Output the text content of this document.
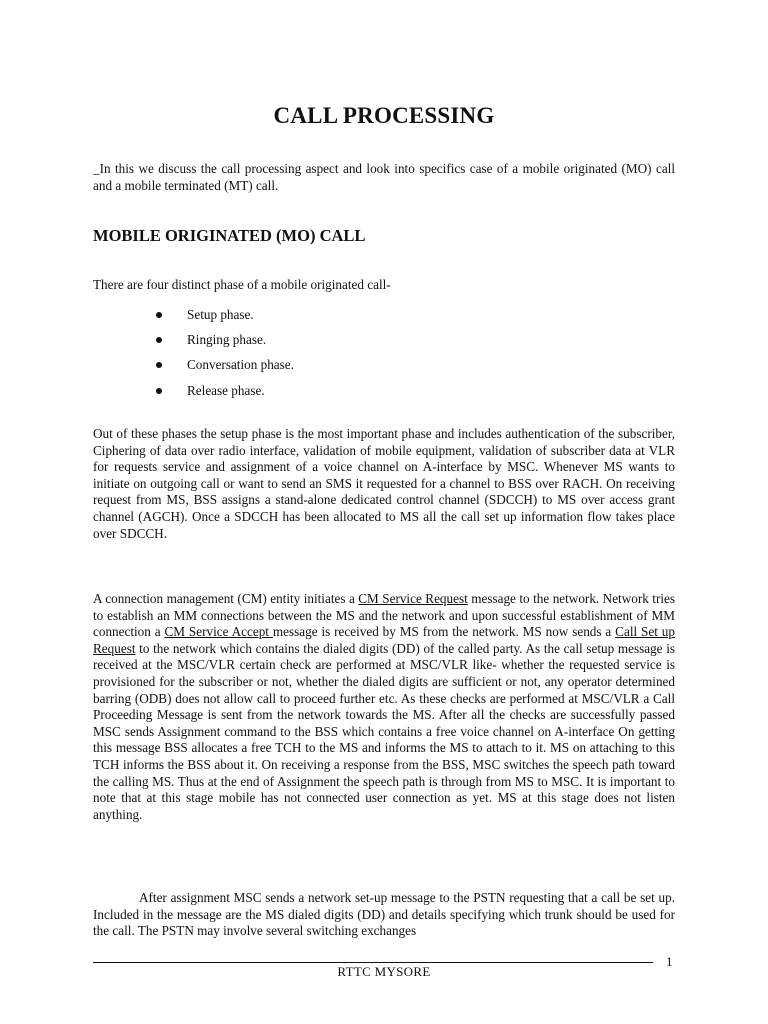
CALL PROCESSING
_In this we discuss the call processing aspect and look into specifics case of a mobile originated (MO) call and a mobile terminated (MT) call.
MOBILE ORIGINATED (MO) CALL
There are four distinct phase of a mobile originated call-
Setup phase.
Ringing phase.
Conversation phase.
Release phase.
Out of these phases the setup phase is the most important phase and includes authentication of the subscriber, Ciphering of data over radio interface, validation of mobile equipment, validation of subscriber data at VLR for requests service and assignment of a voice channel on A-interface by MSC. Whenever MS wants to initiate on outgoing call or want to send an SMS it requested for a channel to BSS over RACH. On receiving request from MS, BSS assigns a stand-alone dedicated control channel (SDCCH) to MS over access grant channel (AGCH). Once a SDCCH has been allocated to MS all the call set up information flow takes place over SDCCH.
A connection management (CM) entity initiates a CM Service Request message to the network. Network tries to establish an MM connections between the MS and the network and upon successful establishment of MM connection a CM Service Accept message is received by MS from the network. MS now sends a Call Set up Request to the network which contains the dialed digits (DD) of the called party. As the call setup message is received at the MSC/VLR certain check are performed at MSC/VLR like- whether the requested service is provisioned for the subscriber or not, whether the dialed digits are sufficient or not, any operator determined barring (ODB) does not allow call to proceed further etc. As these checks are performed at MSC/VLR a Call Proceeding Message is sent from the network towards the MS. After all the checks are successfully passed MSC sends Assignment command to the BSS which contains a free voice channel on A-interface On getting this message BSS allocates a free TCH to the MS and informs the MS to attach to it. MS on attaching to this TCH informs the BSS about it. On receiving a response from the BSS, MSC switches the speech path toward the calling MS. Thus at the end of Assignment the speech path is through from MS to MSC. It is important to note that at this stage mobile has not connected user connection as yet. MS at this stage does not listen anything.
After assignment MSC sends a network set-up message to the PSTN requesting that a call be set up. Included in the message are the MS dialed digits (DD) and details specifying which trunk should be used for the call. The PSTN may involve several switching exchanges
1
RTTC MYSORE
